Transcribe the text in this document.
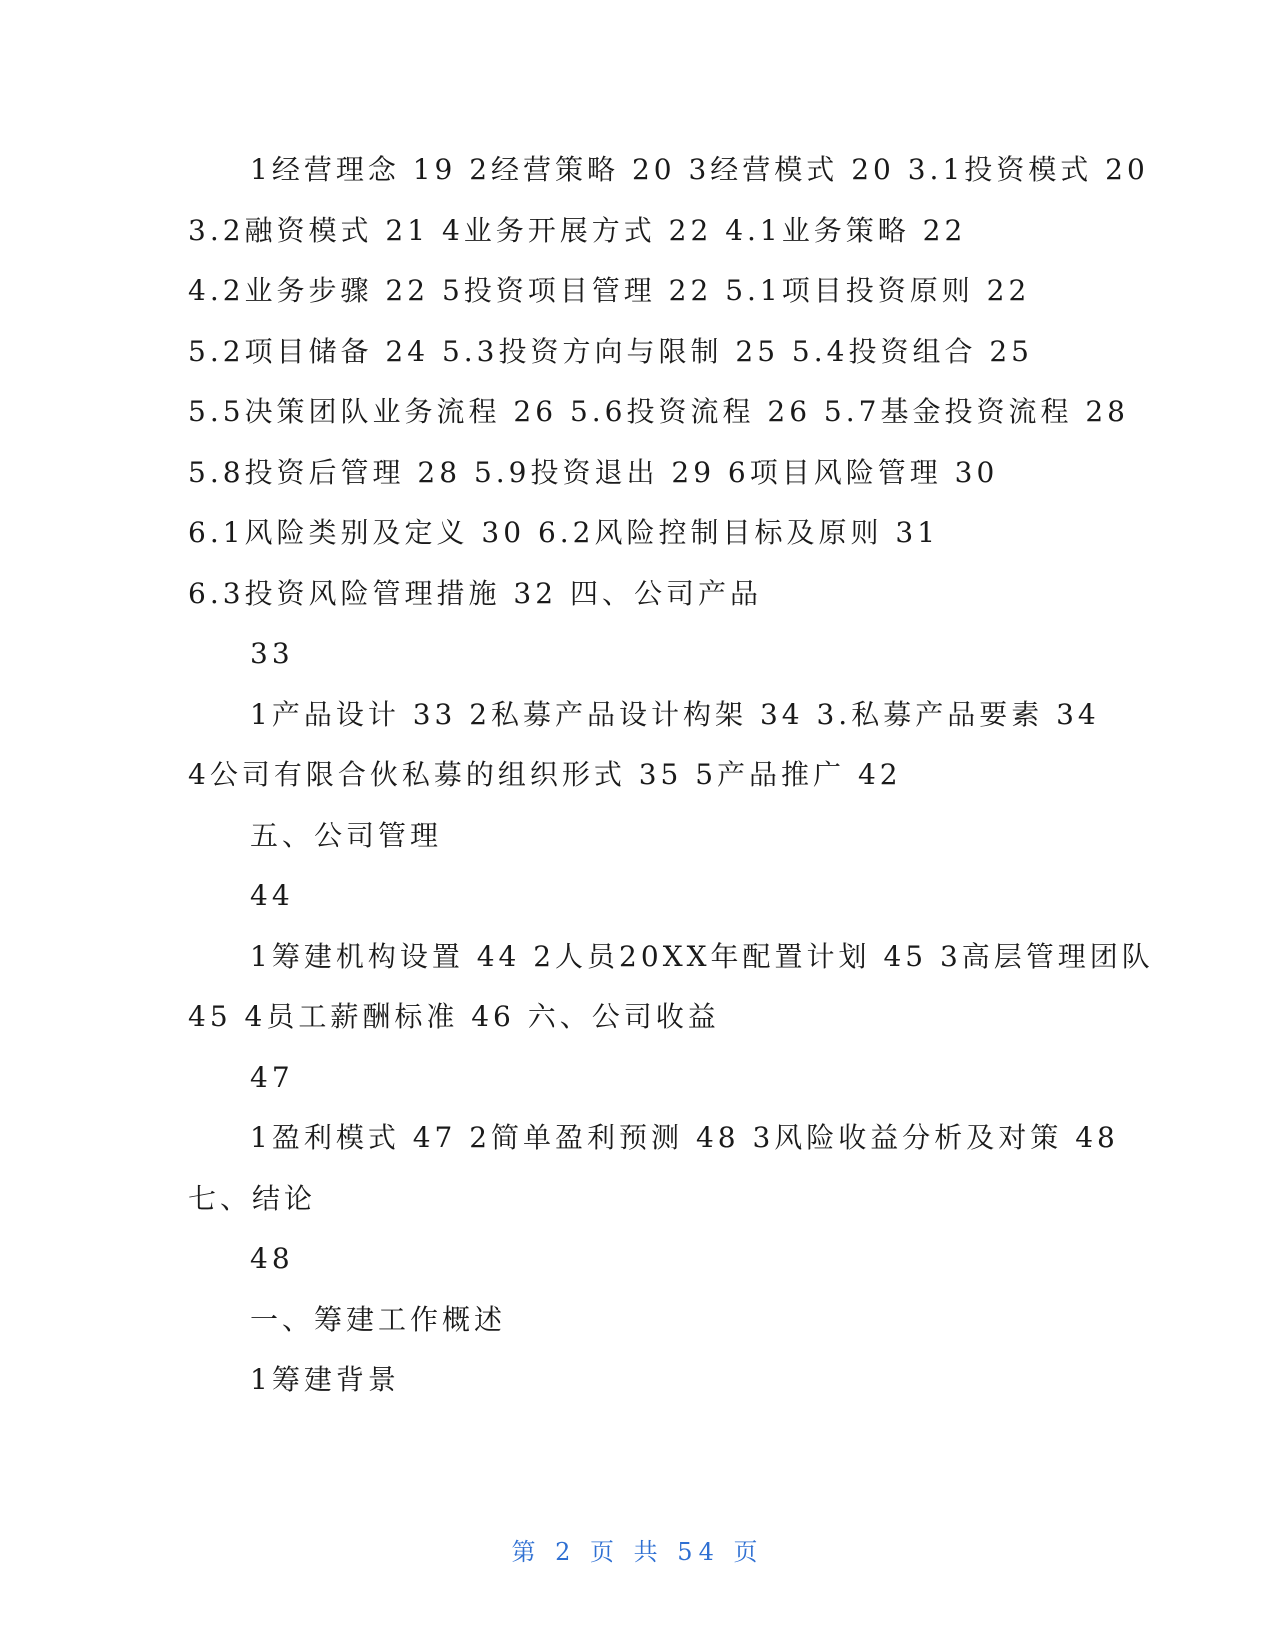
1经营理念 19 2经营策略 20 3经营模式 20 3.1投资模式 20
3.2融资模式 21 4业务开展方式 22 4.1业务策略 22
4.2业务步骤 22 5投资项目管理 22 5.1项目投资原则 22
5.2项目储备 24 5.3投资方向与限制 25 5.4投资组合 25
5.5决策团队业务流程 26 5.6投资流程 26 5.7基金投资流程 28
5.8投资后管理 28 5.9投资退出 29 6项目风险管理 30
6.1风险类别及定义 30 6.2风险控制目标及原则 31
6.3投资风险管理措施 32 四、公司产品
33
1产品设计 33 2私募产品设计构架 34 3.私募产品要素 34
4公司有限合伙私募的组织形式 35 5产品推广 42
五、公司管理
44
1筹建机构设置 44 2人员20XX年配置计划 45 3高层管理团队
45 4员工薪酬标准 46 六、公司收益
47
1盈利模式 47 2简单盈利预测 48 3风险收益分析及对策 48
七、结论
48
一、筹建工作概述
1筹建背景
第 2 页 共 54 页
